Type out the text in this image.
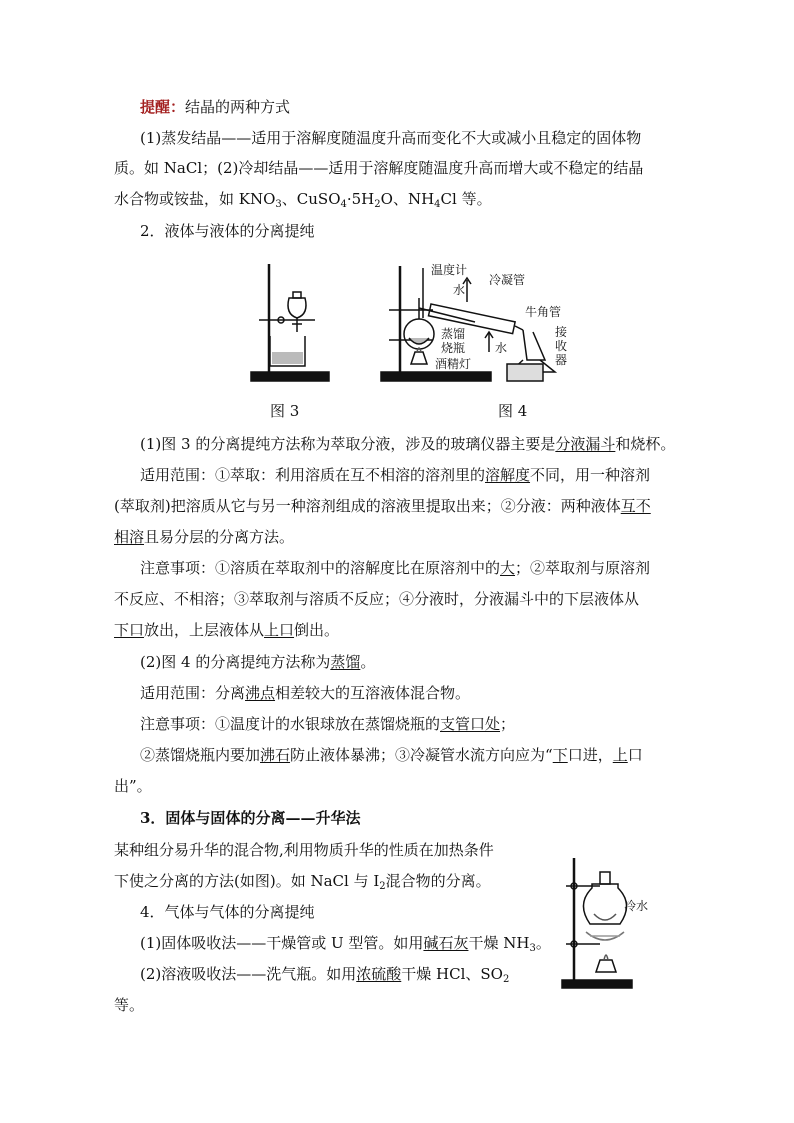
提醒：结晶的两种方式
(1)蒸发结晶——适用于溶解度随温度升高而变化不大或减小且稳定的固体物
质。如 NaCl；(2)冷却结晶——适用于溶解度随温度升高而增大或不稳定的结晶
水合物或铵盐，如 $KNO_3$、$CuSO_4\cdot 5H_2O$、$NH_4Cl$ 等。
2．液体与液体的分离提纯
温度计
水
冷凝管
牛角管
蒸馏
烧瓶 水
接
收
器
酒精灯
图 3	图 4
(1)图 3 的分离提纯方法称为萃取分液，涉及的玻璃仪器主要是分液漏斗和烧杯。
适用范围：①萃取：利用溶质在互不相溶的溶剂里的溶解度不同，用一种溶剂
(萃取剂)把溶质从它与另一种溶剂组成的溶液里提取出来；②分液：两种液体互不
相溶且易分层的分离方法。
注意事项：①溶质在萃取剂中的溶解度比在原溶剂中的大；②萃取剂与原溶剂
不反应、不相溶；③萃取剂与溶质不反应；④分液时，分液漏斗中的下层液体从
下口放出，上层液体从上口倒出。
(2)图 4 的分离提纯方法称为蒸馏。
适用范围：分离沸点相差较大的互溶液体混合物。
注意事项：①温度计的水银球放在蒸馏烧瓶的支管口处；
②蒸馏烧瓶内要加沸石防止液体暴沸；③冷凝管水流方向应为“下口进，上口
出”。
3．固体与固体的分离——升华法
某种组分易升华的混合物,利用物质升华的性质在加热条件
下使之分离的方法(如图)。如 NaCl 与 $I_2$混合物的分离。
冷水
4．气体与气体的分离提纯
(1)固体吸收法——干燥管或 U 型管。如用碱石灰干燥 $NH_3$。
(2)溶液吸收法——洗气瓶。如用浓硫酸干燥 HCl、$SO_2$
等。
